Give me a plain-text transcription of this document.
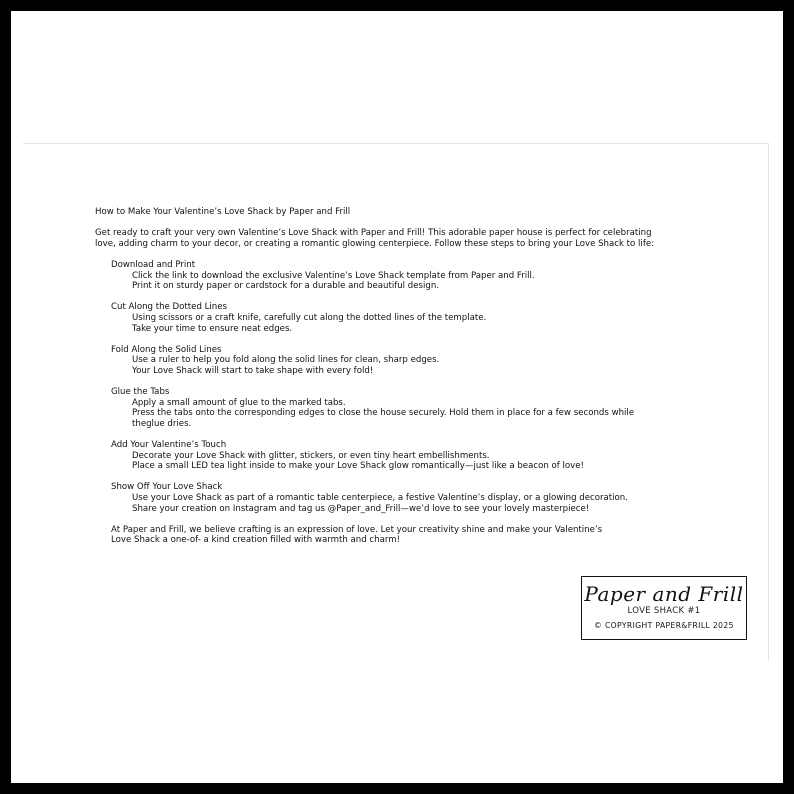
How to Make Your Valentine’s Love Shack by Paper and Frill

Get ready to craft your very own Valentine’s Love Shack with Paper and Frill! This adorable paper house is perfect for celebrating

love, adding charm to your decor, or creating a romantic glowing centerpiece. Follow these steps to bring your Love Shack to life:

Download and Print

Click the link to download the exclusive Valentine’s Love Shack template from Paper and Frill.

Print it on sturdy paper or cardstock for a durable and beautiful design.

Cut Along the Dotted Lines

Using scissors or a craft knife, carefully cut along the dotted lines of the template.

Take your time to ensure neat edges.

Fold Along the Solid Lines

Use a ruler to help you fold along the solid lines for clean, sharp edges.

Your Love Shack will start to take shape with every fold!

Glue the Tabs

Apply a small amount of glue to the marked tabs.

Press the tabs onto the corresponding edges to close the house securely. Hold them in place for a few seconds while

theglue dries.

Add Your Valentine’s Touch

Decorate your Love Shack with glitter, stickers, or even tiny heart embellishments.

Place a small LED tea light inside to make your Love Shack glow romantically—just like a beacon of love!

Show Off Your Love Shack

Use your Love Shack as part of a romantic table centerpiece, a festive Valentine’s display, or a glowing decoration.

Share your creation on Instagram and tag us @Paper_and_Frill—we’d love to see your lovely masterpiece!

At Paper and Frill, we believe crafting is an expression of love. Let your creativity shine and make your Valentine’s

Love Shack a one-of- a kind creation filled with warmth and charm!

Paper and Frill
LOVE SHACK #1
© COPYRIGHT PAPER&FRILL 2025
